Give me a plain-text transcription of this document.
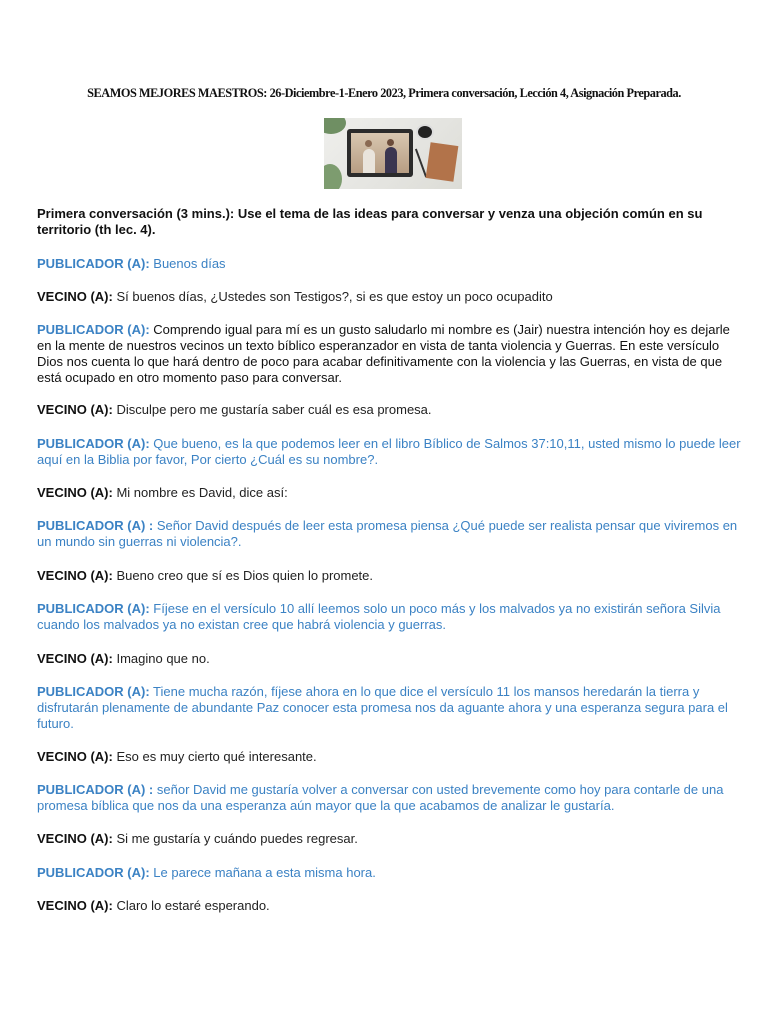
SEAMOS MEJORES MAESTROS: 26-Diciembre-1-Enero 2023, Primera conversación, Lección 4, Asignación Preparada.
Primera conversación (3 mins.): Use el tema de las ideas para conversar y venza una objeción común en su territorio (th lec. 4).
PUBLICADOR (A): Buenos días
VECINO (A): Sí buenos días, ¿Ustedes son Testigos?, si es que estoy un poco ocupadito
PUBLICADOR (A): Comprendo igual para mí es un gusto saludarlo mi nombre es (Jair) nuestra intención hoy es dejarle en la mente de nuestros vecinos un texto bíblico esperanzador en vista de tanta violencia y Guerras. En este versículo Dios nos cuenta lo que hará dentro de poco para acabar definitivamente con la violencia y las Guerras, en vista de que está ocupado en otro momento paso para conversar.
VECINO (A): Disculpe pero me gustaría saber cuál es esa promesa.
PUBLICADOR (A): Que bueno, es la que podemos leer en el libro Bíblico de Salmos 37:10,11, usted mismo lo puede leer aquí en la Biblia por favor, Por cierto ¿Cuál es su nombre?.
VECINO (A): Mi nombre es David, dice así:
PUBLICADOR (A) : Señor David después de leer esta promesa piensa ¿Qué puede ser realista pensar que viviremos en un mundo sin guerras ni violencia?.
VECINO (A): Bueno creo que sí es Dios quien lo promete.
PUBLICADOR (A): Fíjese en el versículo 10 allí leemos solo un poco más y los malvados ya no existirán señora Silvia cuando los malvados ya no existan cree que habrá violencia y guerras.
VECINO (A): Imagino que no.
PUBLICADOR (A): Tiene mucha razón, fíjese ahora en lo que dice el versículo 11 los mansos heredarán la tierra y disfrutarán plenamente de abundante Paz conocer esta promesa nos da aguante ahora y una esperanza segura para el futuro.
VECINO (A): Eso es muy cierto qué interesante.
PUBLICADOR (A) : señor David me gustaría volver a conversar con usted brevemente como hoy para contarle de una promesa bíblica que nos da una esperanza aún mayor que la que acabamos de analizar le gustaría.
VECINO (A): Si me gustaría y cuándo puedes regresar.
PUBLICADOR (A): Le parece mañana a esta misma hora.
VECINO (A): Claro lo estaré esperando.
